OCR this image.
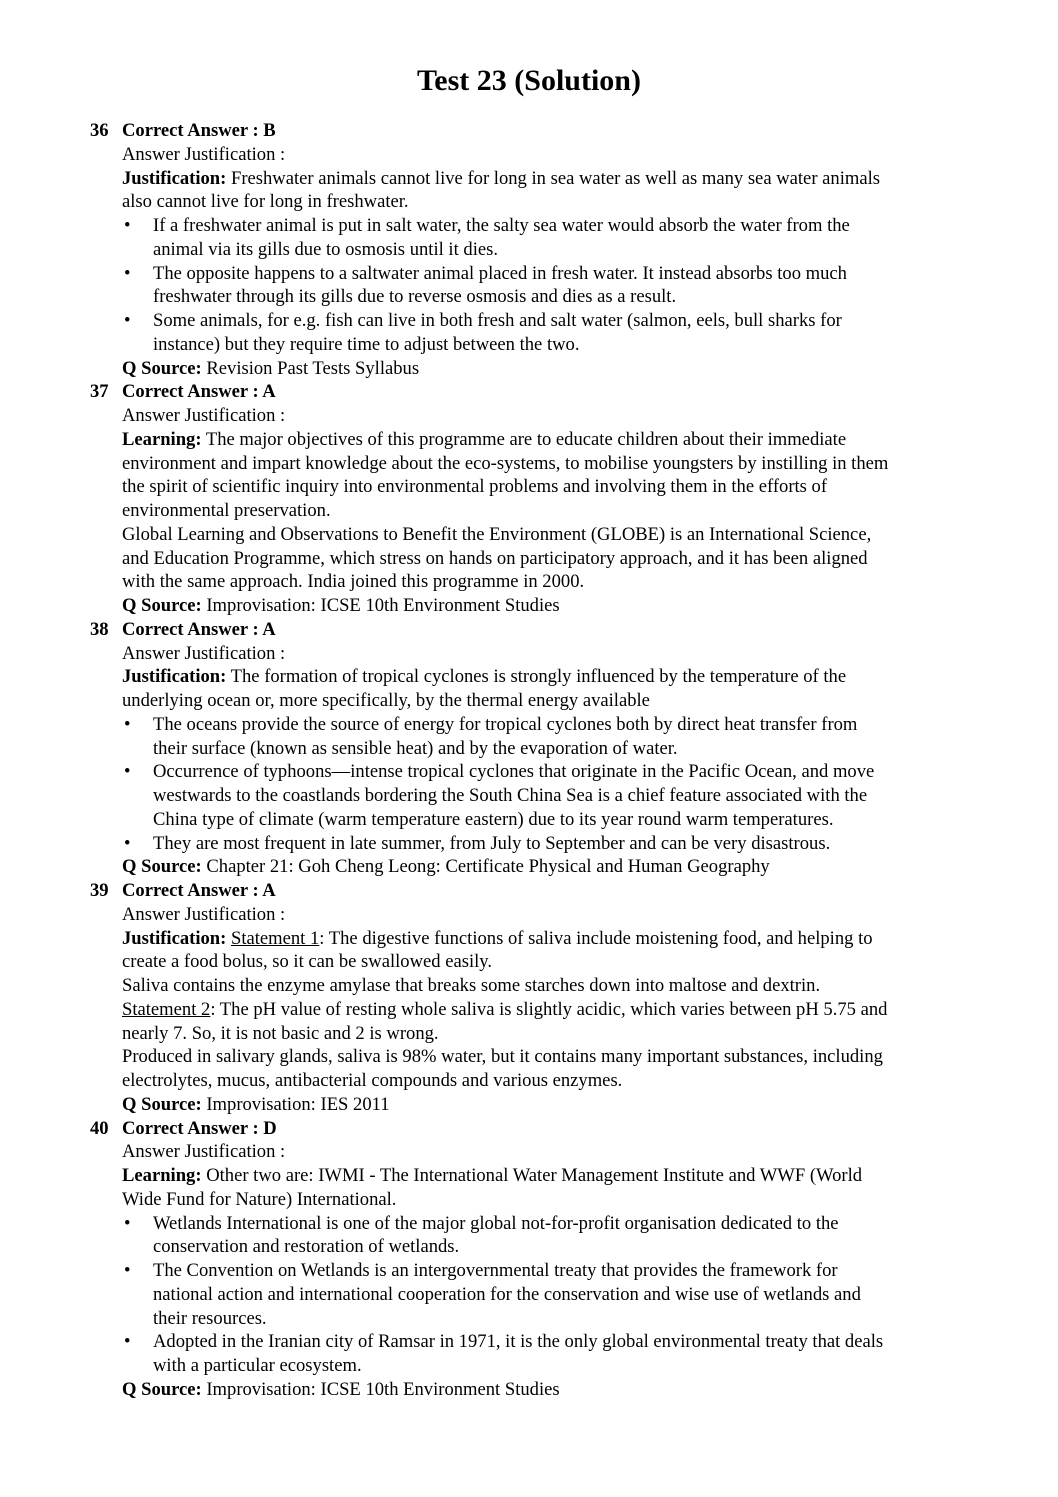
Test 23 (Solution)
36 Correct Answer : B
Answer Justification :
Justification: Freshwater animals cannot live for long in sea water as well as many sea water animals
also cannot live for long in freshwater.
• If a freshwater animal is put in salt water, the salty sea water would absorb the water from the
animal via its gills due to osmosis until it dies.
• The opposite happens to a saltwater animal placed in fresh water. It instead absorbs too much
freshwater through its gills due to reverse osmosis and dies as a result.
• Some animals, for e.g. fish can live in both fresh and salt water (salmon, eels, bull sharks for
instance) but they require time to adjust between the two.
Q Source: Revision Past Tests Syllabus
37 Correct Answer : A
Answer Justification :
Learning: The major objectives of this programme are to educate children about their immediate
environment and impart knowledge about the eco-systems, to mobilise youngsters by instilling in them
the spirit of scientific inquiry into environmental problems and involving them in the efforts of
environmental preservation.
Global Learning and Observations to Benefit the Environment (GLOBE) is an International Science,
and Education Programme, which stress on hands on participatory approach, and it has been aligned
with the same approach. India joined this programme in 2000.
Q Source: Improvisation: ICSE 10th Environment Studies
38 Correct Answer : A
Answer Justification :
Justification: The formation of tropical cyclones is strongly influenced by the temperature of the
underlying ocean or, more specifically, by the thermal energy available
• The oceans provide the source of energy for tropical cyclones both by direct heat transfer from
their surface (known as sensible heat) and by the evaporation of water.
• Occurrence of typhoons—intense tropical cyclones that originate in the Pacific Ocean, and move
westwards to the coastlands bordering the South China Sea is a chief feature associated with the
China type of climate (warm temperature eastern) due to its year round warm temperatures.
• They are most frequent in late summer, from July to September and can be very disastrous.
Q Source: Chapter 21: Goh Cheng Leong: Certificate Physical and Human Geography
39 Correct Answer : A
Answer Justification :
Justification: Statement 1: The digestive functions of saliva include moistening food, and helping to
create a food bolus, so it can be swallowed easily.
Saliva contains the enzyme amylase that breaks some starches down into maltose and dextrin.
Statement 2: The pH value of resting whole saliva is slightly acidic, which varies between pH 5.75 and
nearly 7. So, it is not basic and 2 is wrong.
Produced in salivary glands, saliva is 98% water, but it contains many important substances, including
electrolytes, mucus, antibacterial compounds and various enzymes.
Q Source: Improvisation: IES 2011
40 Correct Answer : D
Answer Justification :
Learning: Other two are: IWMI - The International Water Management Institute and WWF (World
Wide Fund for Nature) International.
• Wetlands International is one of the major global not-for-profit organisation dedicated to the
conservation and restoration of wetlands.
• The Convention on Wetlands is an intergovernmental treaty that provides the framework for
national action and international cooperation for the conservation and wise use of wetlands and
their resources.
• Adopted in the Iranian city of Ramsar in 1971, it is the only global environmental treaty that deals
with a particular ecosystem.
Q Source: Improvisation: ICSE 10th Environment Studies
